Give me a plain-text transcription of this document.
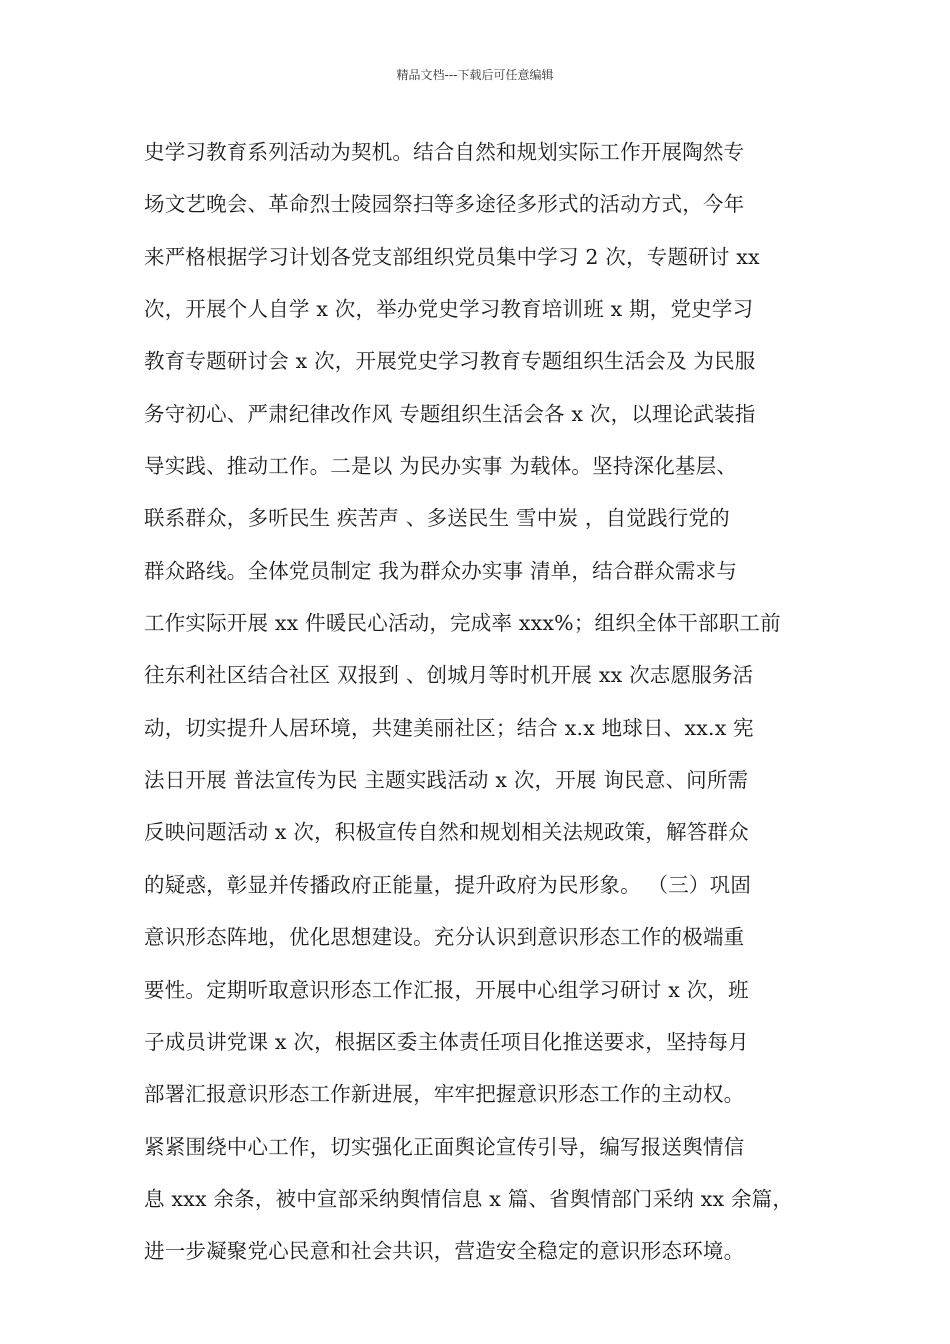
精品文档---下载后可任意编辑
史学习教育系列活动为契机。结合自然和规划实际工作开展陶然专
场文艺晚会、革命烈士陵园祭扫等多途径多形式的活动方式，今年
来严格根据学习计划各党支部组织党员集中学习 2 次，专题研讨 xx
次，开展个人自学 x 次，举办党史学习教育培训班 x 期，党史学习
教育专题研讨会 x 次，开展党史学习教育专题组织生活会及 为民服
务守初心、严肃纪律改作风 专题组织生活会各 x 次，以理论武装指
导实践、推动工作。二是以 为民办实事 为载体。坚持深化基层、
联系群众，多听民生 疾苦声 、多送民生 雪中炭 ，自觉践行党的
群众路线。全体党员制定 我为群众办实事 清单，结合群众需求与
工作实际开展 xx 件暖民心活动，完成率 xxx%；组织全体干部职工前
往东利社区结合社区 双报到 、创城月等时机开展 xx 次志愿服务活
动，切实提升人居环境，共建美丽社区；结合 x.x 地球日、xx.x 宪
法日开展 普法宣传为民 主题实践活动 x 次，开展 询民意、问所需
反映问题活动 x 次，积极宣传自然和规划相关法规政策，解答群众
的疑惑，彰显并传播政府正能量，提升政府为民形象。 （三）巩固
意识形态阵地，优化思想建设。充分认识到意识形态工作的极端重
要性。定期听取意识形态工作汇报，开展中心组学习研讨 x 次，班
子成员讲党课 x 次，根据区委主体责任项目化推送要求，坚持每月
部署汇报意识形态工作新进展，牢牢把握意识形态工作的主动权。
紧紧围绕中心工作，切实强化正面舆论宣传引导，编写报送舆情信
息 xxx 余条，被中宣部采纳舆情信息 x 篇、省舆情部门采纳 xx 余篇，
进一步凝聚党心民意和社会共识，营造安全稳定的意识形态环境。
